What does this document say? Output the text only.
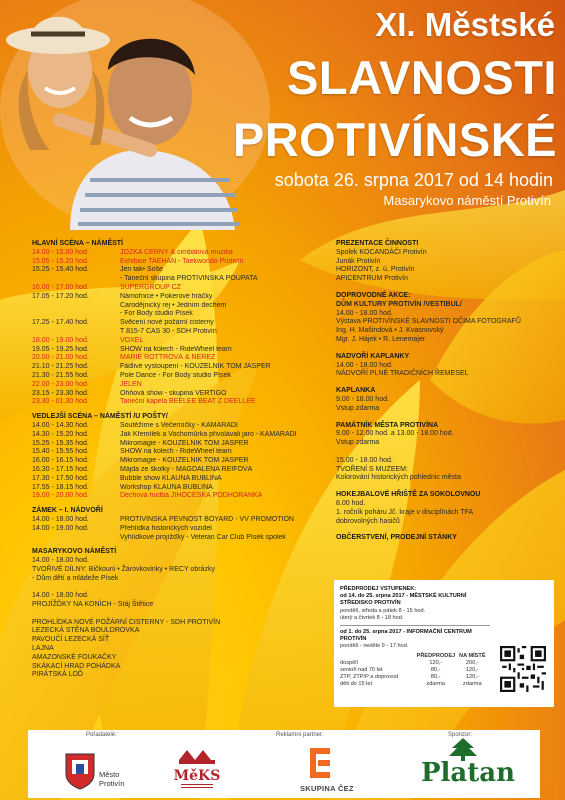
XI. Městské
SLAVNOSTI
PROTIVÍNSKÉ
sobota 26. srpna 2017 od 14 hodin
Masarykovo náměstí Protivín
HLAVNÍ SCÉNA – NÁMĚSTÍ
14.00 - 15.00 hod.	JOŽKA ČERNÝ & cimbálová muzika
15.05 - 15.20 hod.	Exhibice TAEHAN - Taekwondo Protivín
15.25 - 15.40 hod.	Jen tak• Soše
- Taneční skupina PROTIVÍNSKÁ POUPATA
16.00 - 17.00 hod.	SUPERGROUP CZ
17.05 - 17.20 hod.	Námořnice • Pokerové hráčky
Čarodějnický rej • Jedním dechem
- For Body studio Písek
17.25 - 17.40 hod.	Svěcení nové požární cisterny
T 815-7 CAS 30 - SDH Protivín
18.00 - 19.00 hod.	VOXEL
19.05 - 19.25 hod.	SHOW na kolech - RideWheel team
20.00 - 21.00 hod.	MARIE ROTTROVÁ & NEŘEŽ
21.10 - 21.25 hod.	Fádlivé vystoupení - KOUZELNÍK TOM JASPER
21.30 - 21.55 hod.	Pole Dance - For Body studio Písek
22.00 - 23.00 hod.	JELEN
23.15 - 23.30 hod.	Ohňová show - skupina VERTIGO
23.30 - 01.30 hod.	Taneční kapela BEELEE BEAT Z DEELLEE
VEDLEJŠÍ SCÉNA – NÁMĚSTÍ /U POŠTY/
14.00 - 14.30 hod.	Soutěžíme s Večerníčky - KAMARÁDI
14.30 - 15.20 hod.	Jak Křemílek a Vochomůrka přivolávali jaro - KAMARÁDI
15.25 - 15.35 hod.	Mikromagie - KOUZELNÍK TOM JASPER
15.40 - 15.55 hod.	SHOW na kolech - RideWheel team
16.00 - 16.15 hod.	Mikromagie - KOUZELNÍK TOM JASPER
16.30 - 17.15 hod.	Májda ze školky - MAGDALÉNA REIFOVÁ
17.30 - 17.50 hod.	Bubble show KLAUNA BUBLINA
17.55 - 18.15 hod.	Workshop KLAUNA BUBLINA
19.00 - 20.00 hod.	Dechová hudba JIHOČESKÁ PODHORANKA
ZÁMEK – I. NÁDVOŘÍ
14.00 - 18.00 hod.	PROTIVÍNSKÁ PEVNOST BOYARD - VV PROMOTION
14.00 - 19.00 hod.	Přehlídka historických vozidel
Vyhlídkové projížďky - Veteran Car Club Písek spolek
MASARYKOVO NÁMĚSTÍ
14.00 - 18.00 hod.
TVOŘIVÉ DÍLNY: Bičkouni • Žárovkovinky • RECY obrázky
- Dům dětí a mládeže Písek

14.00 - 18.00 hod.
PROJÍŽĎKY NA KONÍCH - Stáj Štětice

PROHLÍDKA NOVÉ POŽÁRNÍ CISTERNY - SDH PROTIVÍN
LEZECKÁ STĚNA BOULDROVKA
PAVOUČÍ LEZECKÁ SÍŤ
LAJNA
AMAZONSKÉ FOUKAČKY
SKÁKACÍ HRAD POHÁDKA
PIRÁTSKÁ LOĎ
PREZENTACE ČINNOSTI
Spolek KOCANDÁČI Protivín
Junák Protivín
HORIZONT, z. ú. Protivín
APICENTRUM Protivín
DOPROVODNÉ AKCE:
DŮM KULTURY PROTIVÍN /VESTIBUL/
14.00 - 18.00 hod.
Výstava PROTIVÍNSKÉ SLAVNOSTI OČIMA FOTOGRAFŮ
Ing. H. Mašindová • J. Kvasnovský
Mgr. J. Hájek • R. Lenemajer
NÁDVOŘÍ KAPLANKY
14.00 - 18.00 hod.
NÁDVOŘÍ PLNÉ TRADIČNÍCH ŘEMESEL
KAPLANKA
9.00 - 18.00 hod.
Vstup zdarma
PAMÁTNÍK MĚSTA PROTIVÍNA
9.00 - 12.00 hod. a 13.00 - 18.00 hod.
Vstup zdarma

15.00 - 18.00 hod.
TVOŘENÍ S MUZEEM:
Kolorování historických pohlednic města
HOKEJBALOVÉ HŘIŠTĚ ZA SOKOLOVNOU
8.00 hod.
1. ročník poháru Jč. kraje v disciplínách TFA
dobrovolných hasičů
OBČERSTVENÍ, PRODEJNÍ STÁNKY
PŘEDPRODEJ VSTUPENEK:
od 14. do 25. srpna 2017 - MĚSTSKÉ KULTURNÍ STŘEDISKO PROTIVÍN
pondělí, středa a pátek 8 - 15 hod.
úterý a čtvrtek 8 - 18 hod.
od 1. do 25. srpna 2017 - INFORMAČNÍ CENTRUM PROTIVÍN
pondělí - neděle 9 - 17 hod.
PŘEDPRODEJ NA MÍSTĚ
dospělí	120,-	200,-
senioři nad 70 let	80,-	120,-
ZTP, ZTP/P a doprovod	80,-	120,-
děti do 15 let	zdarma	zdarma
Pořadatelé:	Reklamní partner:	Sponzor:
Město
Protivín	MěKS
SKUPINA ČEZ
Platan
